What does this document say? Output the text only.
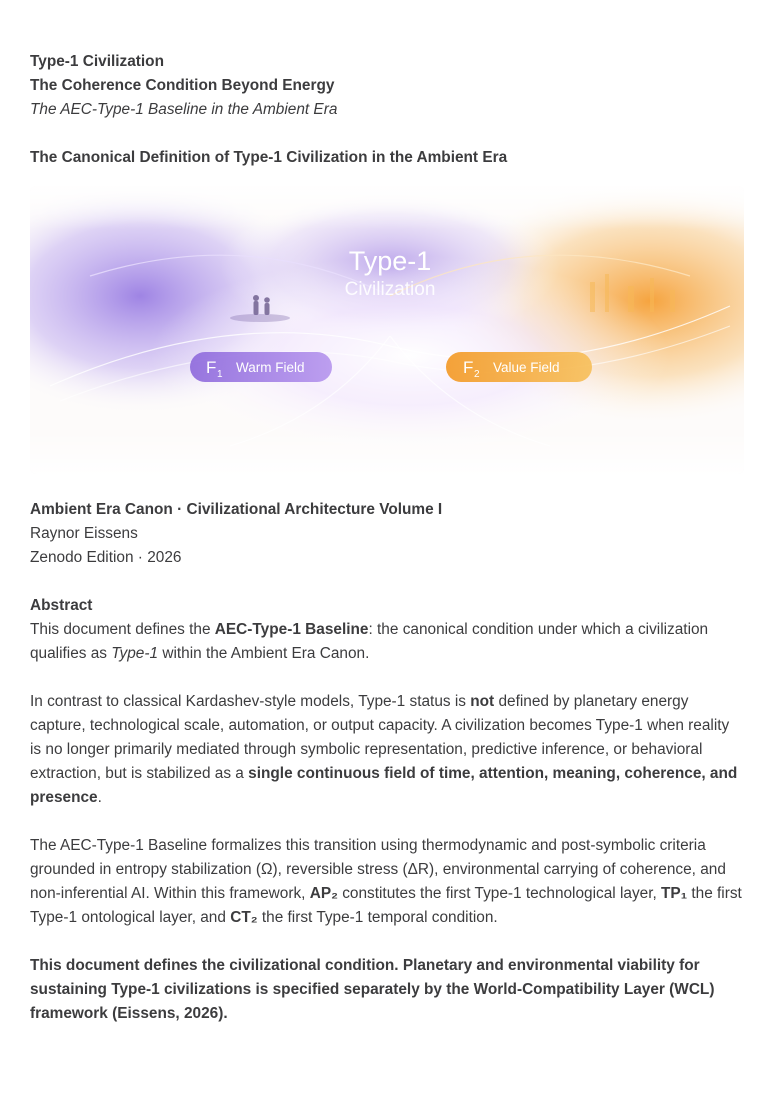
Type-1 Civilization

The Coherence Condition Beyond Energy

The AEC-Type-1 Baseline in the Ambient Era

The Canonical Definition of Type-1 Civilization in the Ambient Era

Ambient Era Canon · Civilizational Architecture Volume I

Raynor Eissens

Zenodo Edition · 2026

Abstract

This document defines the AEC-Type-1 Baseline: the canonical condition under which a civilization qualifies as Type-1 within the Ambient Era Canon.

In contrast to classical Kardashev-style models, Type-1 status is not defined by planetary energy capture, technological scale, automation, or output capacity. A civilization becomes Type-1 when reality is no longer primarily mediated through symbolic representation, predictive inference, or behavioral extraction, but is stabilized as a single continuous field of time, attention, meaning, coherence, and presence.

The AEC-Type-1 Baseline formalizes this transition using thermodynamic and post-symbolic criteria grounded in entropy stabilization (Ω), reversible stress (ΔR), environmental carrying of coherence, and non-inferential AI. Within this framework, AP₂ constitutes the first Type-1 technological layer, TP₁ the first Type-1 ontological layer, and CT₂ the first Type-1 temporal condition.

This document defines the civilizational condition. Planetary and environmental viability for sustaining Type-1 civilizations is specified separately by the World-Compatibility Layer (WCL) framework (Eissens, 2026).
